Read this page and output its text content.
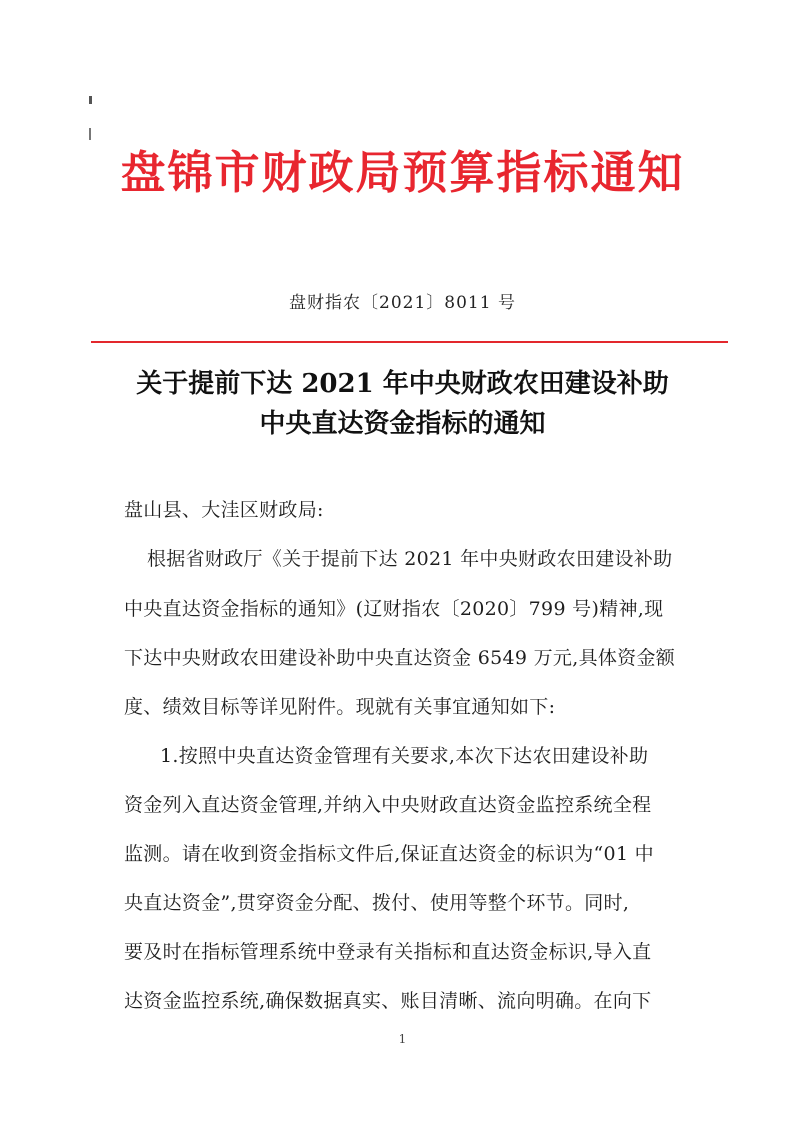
盘锦市财政局预算指标通知
盘财指农〔2021〕8011 号
关于提前下达 2021 年中央财政农田建设补助
中央直达资金指标的通知
盘山县、大洼区财政局:
根据省财政厅《关于提前下达 2021 年中央财政农田建设补助
中央直达资金指标的通知》(辽财指农〔2020〕799 号)精神,现
下达中央财政农田建设补助中央直达资金 6549 万元,具体资金额
度、绩效目标等详见附件。现就有关事宜通知如下:
1.按照中央直达资金管理有关要求,本次下达农田建设补助
资金列入直达资金管理,并纳入中央财政直达资金监控系统全程
监测。请在收到资金指标文件后,保证直达资金的标识为“01 中
央直达资金”,贯穿资金分配、拨付、使用等整个环节。同时,
要及时在指标管理系统中登录有关指标和直达资金标识,导入直
达资金监控系统,确保数据真实、账目清晰、流向明确。在向下
1
